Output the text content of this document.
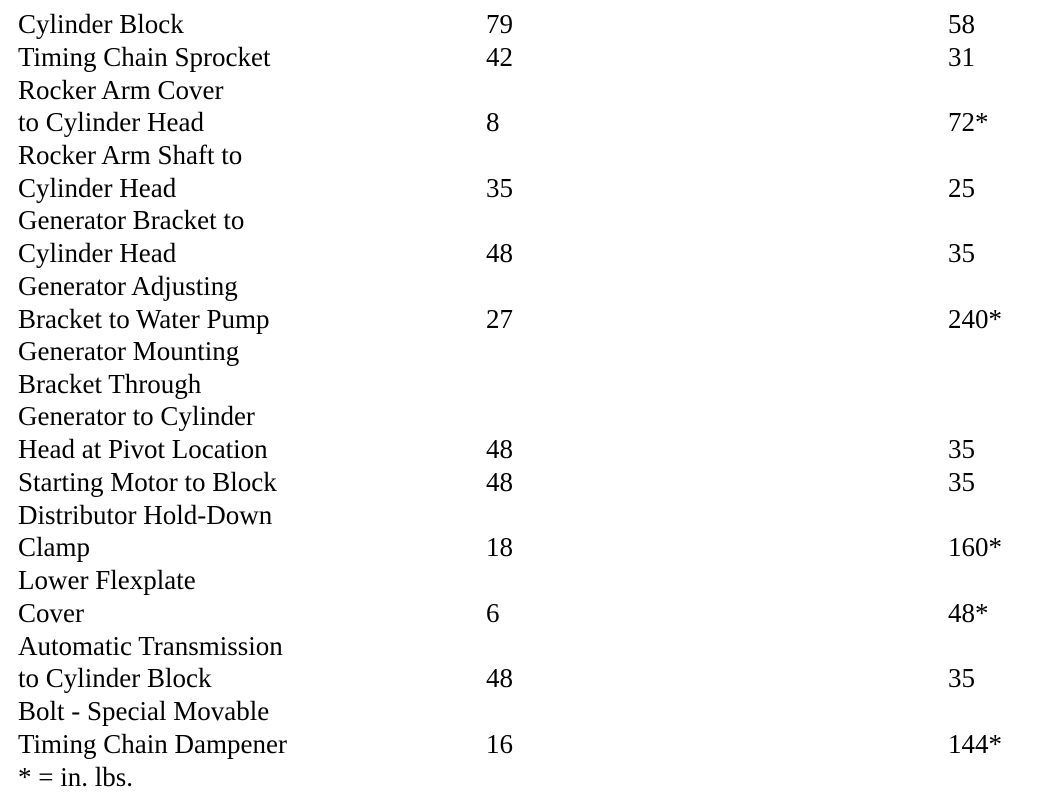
Cylinder Block	79	58
Timing Chain Sprocket	42	31
Rocker Arm Cover
to Cylinder Head	8	72*
Rocker Arm Shaft to
Cylinder Head	35	25
Generator Bracket to
Cylinder Head	48	35
Generator Adjusting
Bracket to Water Pump	27	240*
Generator Mounting
Bracket Through
Generator to Cylinder
Head at Pivot Location	48	35
Starting Motor to Block	48	35
Distributor Hold-Down
Clamp	18	160*
Lower Flexplate
Cover	6	48*
Automatic Transmission
to Cylinder Block	48	35
Bolt - Special Movable
Timing Chain Dampener	16	144*
* = in. lbs.
